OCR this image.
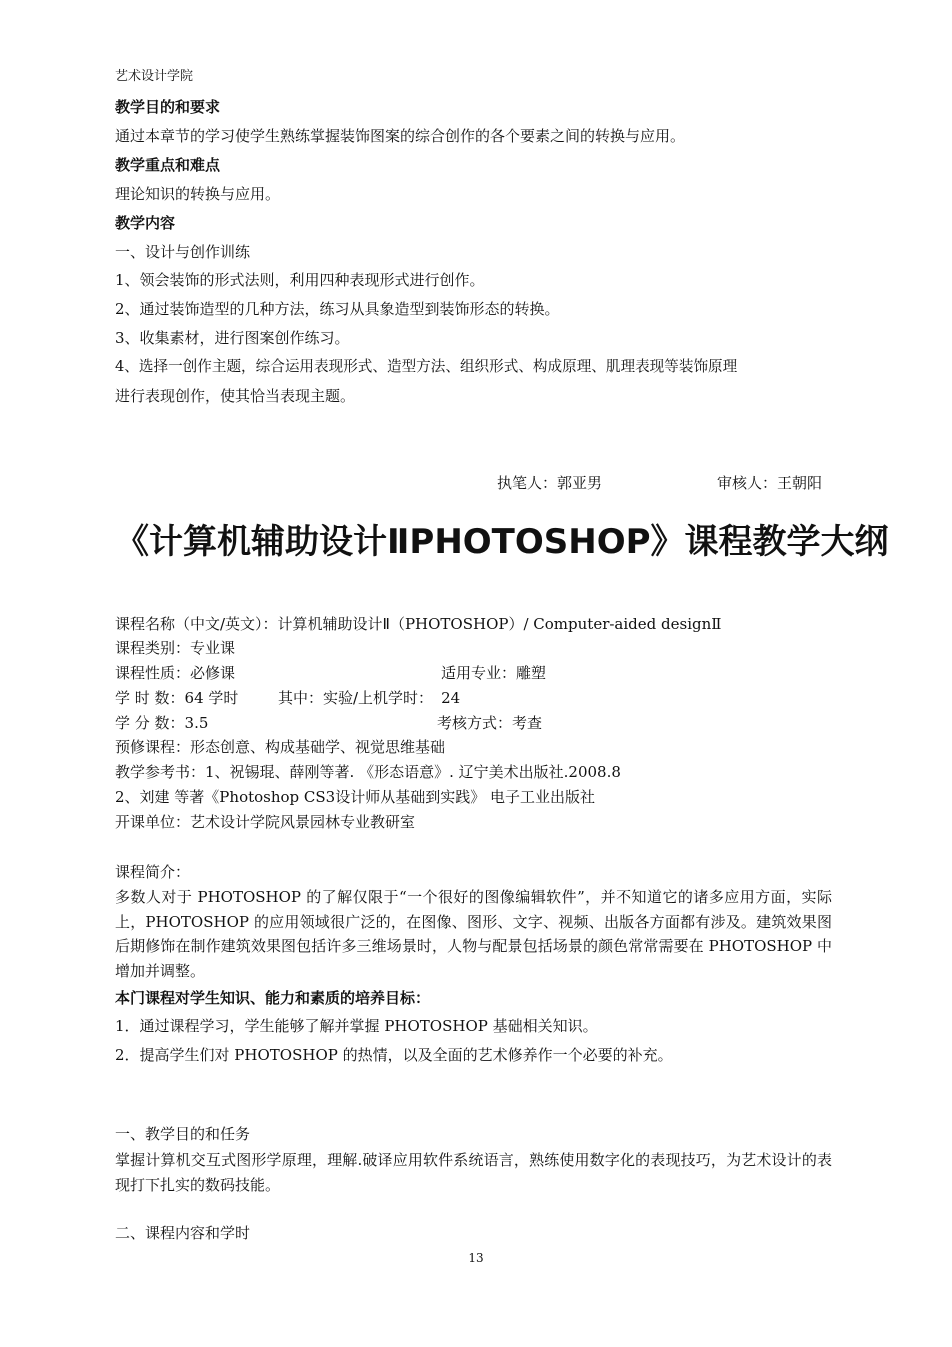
艺术设计学院
教学目的和要求
通过本章节的学习使学生熟练掌握装饰图案的综合创作的各个要素之间的转换与应用。
教学重点和难点
理论知识的转换与应用。
教学内容
一、设计与创作训练
1、领会装饰的形式法则，利用四种表现形式进行创作。
2、通过装饰造型的几种方法，练习从具象造型到装饰形态的转换。
3、收集素材，进行图案创作练习。
4、选择一创作主题，综合运用表现形式、造型方法、组织形式、构成原理、肌理表现等装饰原理
进行表现创作，使其恰当表现主题。
执笔人：郭亚男	审核人：王朝阳
《计算机辅助设计ⅡPHOTOSHOP》课程教学大纲
课程名称（中文/英文）：计算机辅助设计Ⅱ（PHOTOSHOP）/ Computer-aided designⅡ
课程类别：专业课
课程性质：必修课	适用专业：雕塑
学 时 数：64 学时	其中：实验/上机学时： 24
学 分 数：3.5	考核方式：考查
预修课程：形态创意、构成基础学、视觉思维基础
教学参考书：1、祝锡琨、薛刚等著. 《形态语意》. 辽宁美术出版社.2008.8
2、刘建 等著《Photoshop CS3设计师从基础到实践》 电子工业出版社
开课单位：艺术设计学院风景园林专业教研室
课程简介：
多数人对于 PHOTOSHOP 的了解仅限于“一个很好的图像编辑软件”，并不知道它的诸多应用方面，实际上，PHOTOSHOP 的应用领域很广泛的，在图像、图形、文字、视频、出版各方面都有涉及。建筑效果图后期修饰在制作建筑效果图包括许多三维场景时，人物与配景包括场景的颜色常常需要在 PHOTOSHOP 中增加并调整。
本门课程对学生知识、能力和素质的培养目标：
1．通过课程学习，学生能够了解并掌握 PHOTOSHOP 基础相关知识。
2．提高学生们对 PHOTOSHOP 的热情，以及全面的艺术修养作一个必要的补充。
一、教学目的和任务
掌握计算机交互式图形学原理，理解.破译应用软件系统语言，熟练使用数字化的表现技巧，为艺术设计的表现打下扎实的数码技能。
二、课程内容和学时
13
